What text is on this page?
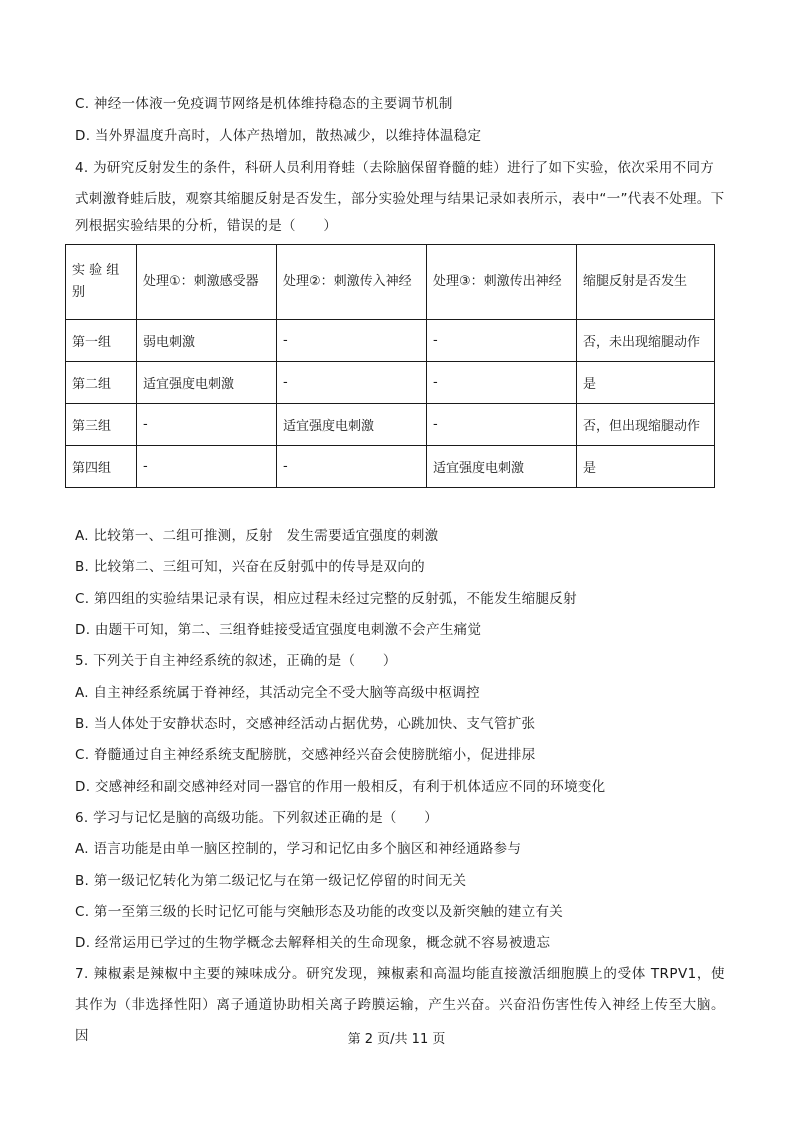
C. 神经一体液一免疫调节网络是机体维持稳态的主要调节机制
D. 当外界温度升高时，人体产热增加，散热减少，以维持体温稳定
4. 为研究反射发生的条件，科研人员利用脊蛙（去除脑保留脊髓的蛙）进行了如下实验，依次采用不同方
式刺激脊蛙后肢，观察其缩腿反射是否发生，部分实验处理与结果记录如表所示，表中“一”代表不处理。下
列根据实验结果的分析，错误的是（　　）
实 验 组 别	处理①：刺激感受器	处理②：刺激传入神经	处理③：刺激传出神经	缩腿反射是否发生
第一组	弱电刺激	-	-	否，未出现缩腿动作
第二组	适宜强度电刺激	-	-	是
第三组	-	适宜强度电刺激	-	否，但出现缩腿动作
第四组	-	-	适宜强度电刺激	是
A. 比较第一、二组可推测，反射　发生需要适宜强度的刺激
B. 比较第二、三组可知，兴奋在反射弧中的传导是双向的
C. 第四组的实验结果记录有误，相应过程未经过完整的反射弧，不能发生缩腿反射
D. 由题干可知，第二、三组脊蛙接受适宜强度电刺激不会产生痛觉
5. 下列关于自主神经系统的叙述，正确的是（　　）
A. 自主神经系统属于脊神经，其活动完全不受大脑等高级中枢调控
B. 当人体处于安静状态时，交感神经活动占据优势，心跳加快、支气管扩张
C. 脊髓通过自主神经系统支配膀胱，交感神经兴奋会使膀胱缩小，促进排尿
D. 交感神经和副交感神经对同一器官的作用一般相反，有利于机体适应不同的环境变化
6. 学习与记忆是脑的高级功能。下列叙述正确的是（　　）
A. 语言功能是由单一脑区控制的，学习和记忆由多个脑区和神经通路参与
B. 第一级记忆转化为第二级记忆与在第一级记忆停留的时间无关
C. 第一至第三级的长时记忆可能与突触形态及功能的改变以及新突触的建立有关
D. 经常运用已学过的生物学概念去解释相关的生命现象，概念就不容易被遗忘
7. 辣椒素是辣椒中主要的辣味成分。研究发现，辣椒素和高温均能直接激活细胞膜上的受体 TRPV1，使其作为（非选择性阳）离子通道协助相关离子跨膜运输，产生兴奋。兴奋沿伤害性传入神经上传至大脑。因	第 2 页/共 11 页
